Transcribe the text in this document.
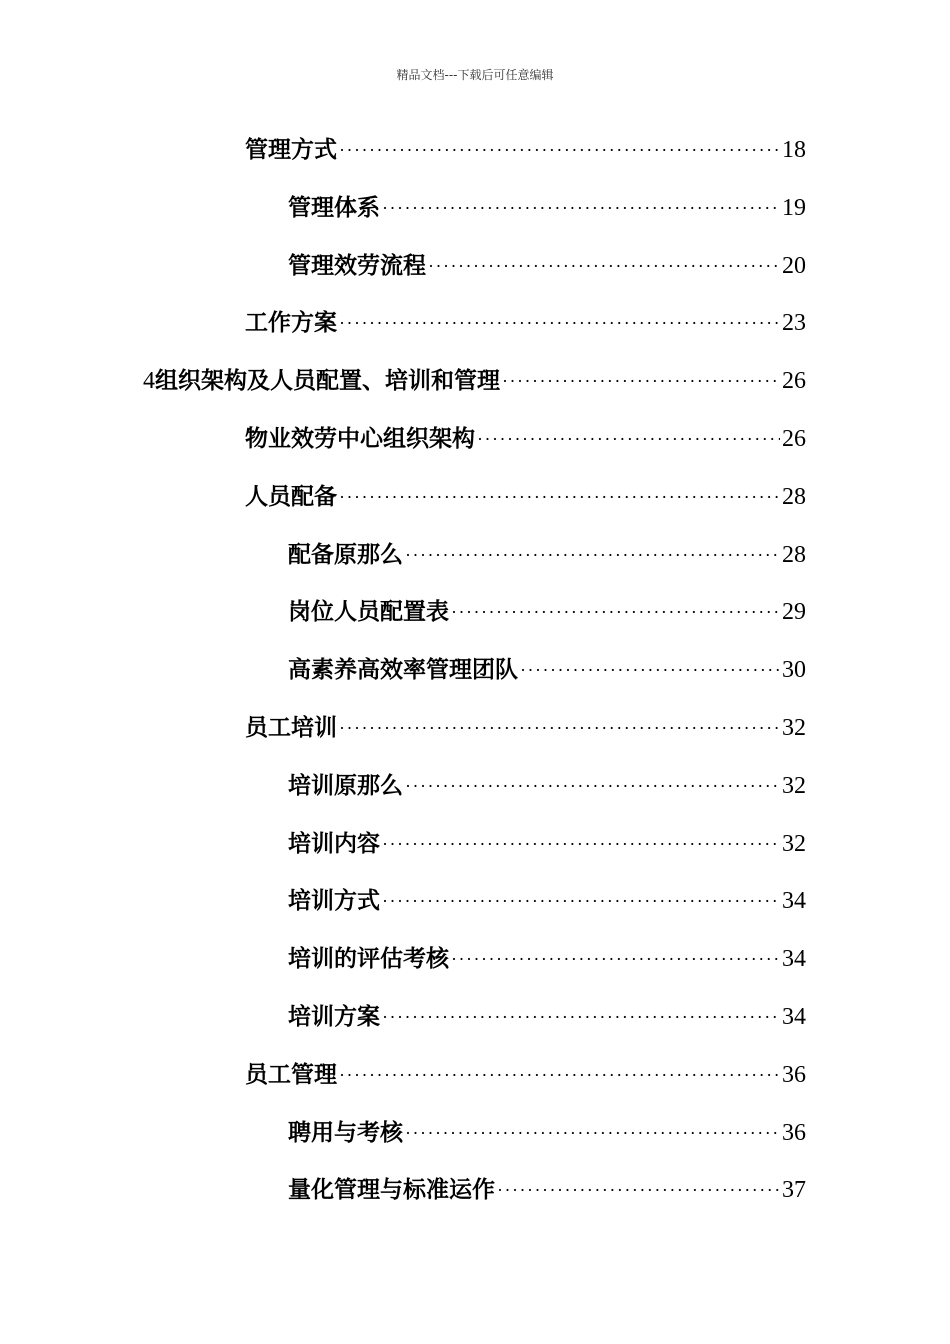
精品文档---下载后可任意编辑
管理方式 ·····	18
管理体系 ·····	19
管理效劳流程 ·····	20
工作方案 ·····	23
4 组织架构及人员配置、培训和管理 ·····	26
物业效劳中心组织架构 ·····	26
人员配备 ·····	28
配备原那么 ·····	28
岗位人员配置表 ·····	29
高素养高效率管理团队 ·····	30
员工培训 ·····	32
培训原那么 ·····	32
培训内容 ·····	32
培训方式 ·····	34
培训的评估考核 ·····	34
培训方案 ·····	34
员工管理 ·····	36
聘用与考核 ·····	36
量化管理与标准运作 ·····	37
